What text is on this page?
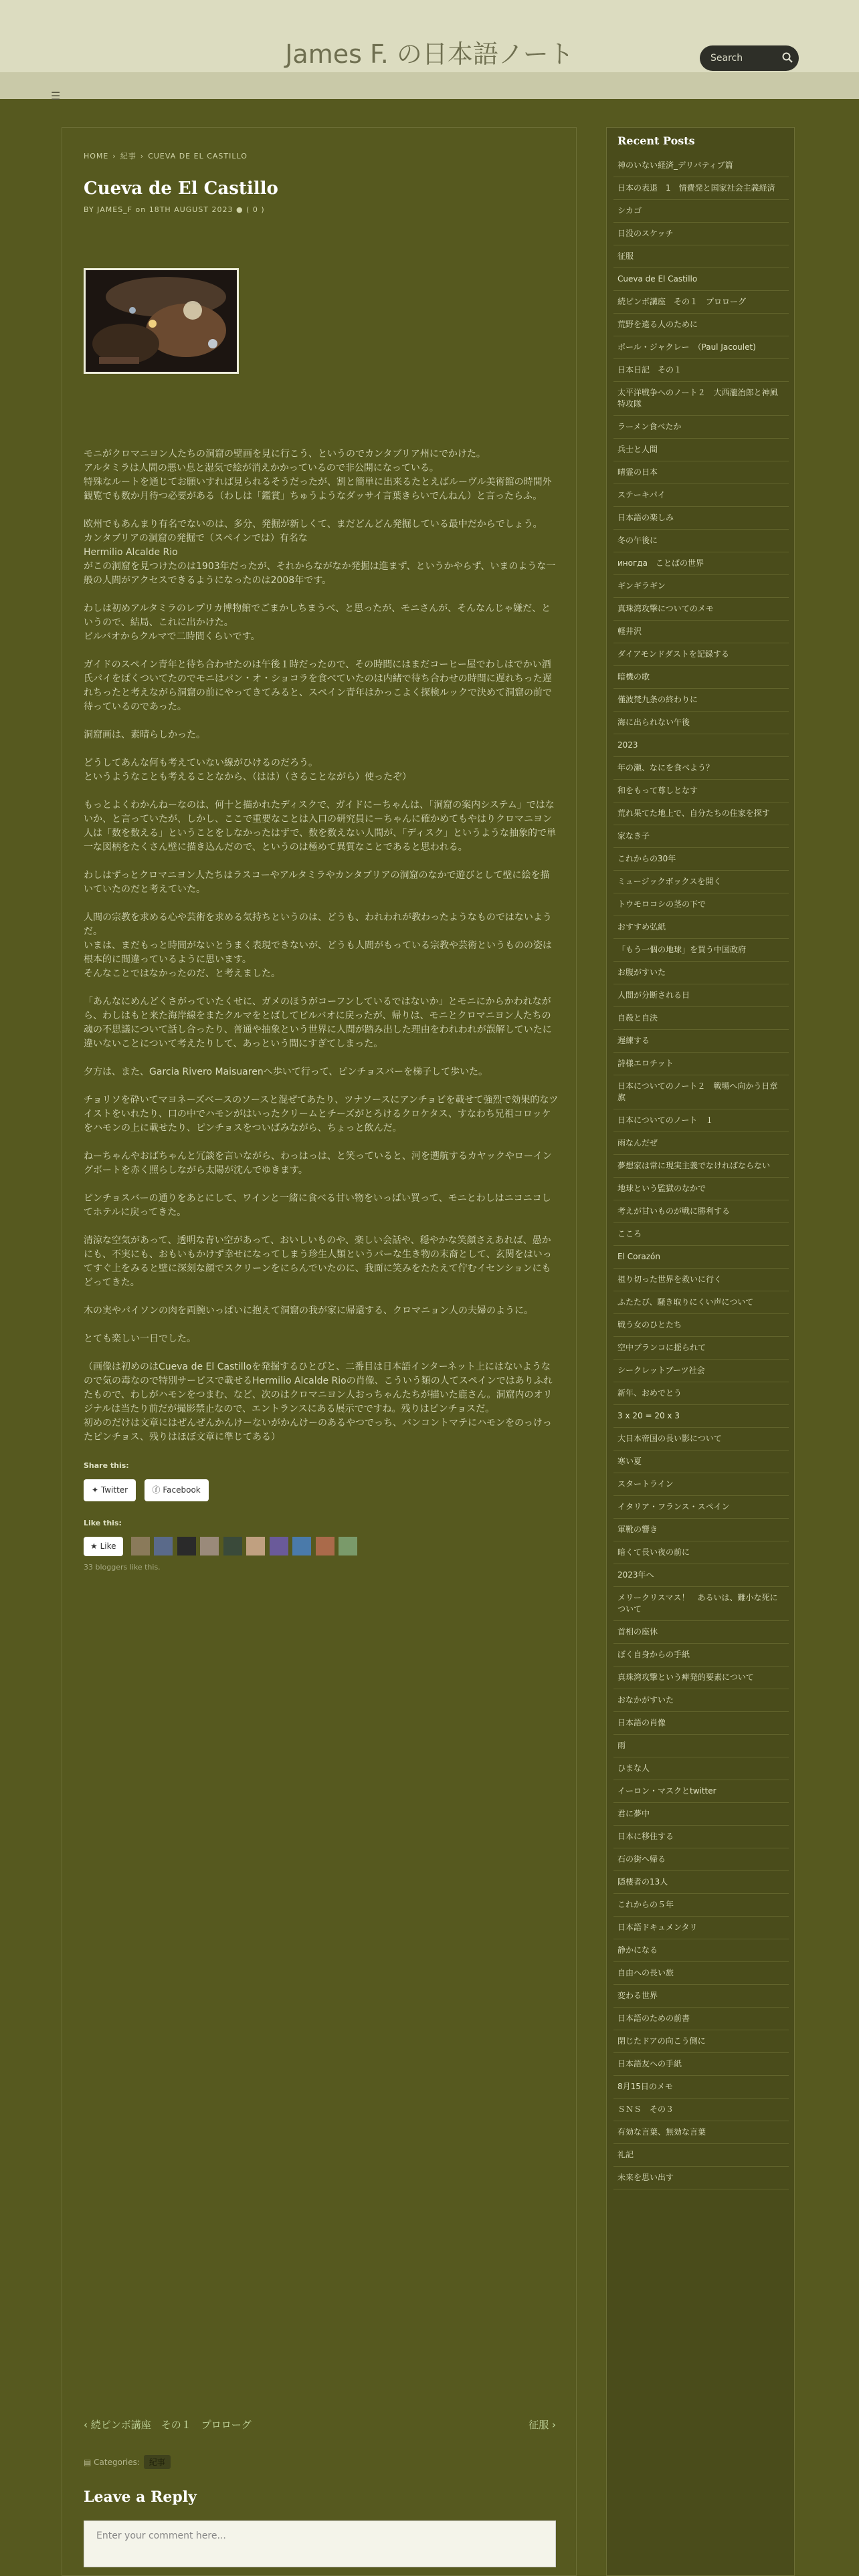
James F. の日本語ノート
Search
☰
HOME › 紀事 › CUEVA DE EL CASTILLO
Cueva de El Castillo
BY JAMES_F on 18TH AUGUST 2023 ● ( 0 )

モニがクロマニヨン人たちの洞窟の壁画を見に行こう、というのでカンタブリア州にでかけた。
アルタミラは人間の悪い息と湿気で絵が消えかかっているので非公開になっている。
特殊なルートを通じてお願いすれば見られるそうだったが、割と簡単に出来るたとえばルーヴル美術館の時間外観覧でも数か月待つ必要がある（わしは「鑑賞」ちゅうようなダッサイ言葉きらいでんねん）と言ったらふ。

欧州でもあんまり有名でないのは、多分、発掘が新しくて、まだどんどん発掘している最中だからでしょう。
カンタブリアの洞窟の発掘で（スペインでは）有名な
Hermilio Alcalde Rio
がこの洞窟を見つけたのは1903年だったが、それからながなか発掘は進まず、というかやらず、いまのような一般の人間がアクセスできるようになったのは2008年です。

わしは初めアルタミラのレプリカ博物館でごまかしちまうべ、と思ったが、モニさんが、そんなんじゃ嫌だ、というので、結局、これに出かけた。
ビルバオからクルマで二時間くらいです。

ガイドのスペイン青年と待ち合わせたのは午後１時だったので、その時間にはまだコーヒー屋でわしはでかい酒氏パイをぱくついてたのでモニはパン・オ・ショコラを食べていたのは内緒で待ち合わせの時間に遅れちった遅れちったと考えながら洞窟の前にやってきてみると、スペイン青年はかっこよく探検ルックで決めて洞窟の前で待っているのであった。

洞窟画は、素晴らしかった。

どうしてあんな何も考えていない線がひけるのだろう。
というようなことも考えることなから、（はは）（さることながら）使ったぞ）

もっとよくわかんねーなのは、何十と描かれたディスクで、ガイドにーちゃんは、「洞窟の案内システム」ではないか、と言っていたが、しかし、ここで重要なことは入口の研究員にーちゃんに確かめてもやはりクロマニヨン人は「数を数える」ということをしなかったはずで、数を数えない人間が、「ディスク」というような抽象的で単一な図柄をたくさん壁に描き込んだので、というのは極めて異質なことであると思われる。

わしはずっとクロマニヨン人たちはラスコーやアルタミラやカンタブリアの洞窟のなかで遊びとして壁に絵を描いていたのだと考えていた。

人間の宗教を求める心や芸術を求める気持ちというのは、どうも、われわれが教わったようなものではないようだ。
いまは、まだもっと時間がないとうまく表現できないが、どうも人間がもっている宗教や芸術というものの姿は根本的に間違っているように思います。
そんなことではなかったのだ、と考えました。

「あんなにめんどくさがっていたくせに、ガメのほうがコーフンしているではないか」とモニにからかわれながら、わしはもと来た海岸線をまたクルマをとばしてビルバオに戻ったが、帰りは、モニとクロマニヨン人たちの魂の不思議について話し合ったり、普通や抽象という世界に人間が踏み出した理由をわれわれが誤解していたに違いないことについて考えたりして、あっという間にすぎてしまった。

夕方は、また、Garcia Rivero Maisuarenへ歩いて行って、ピンチョスバーを梯子して歩いた。

チョリソを砕いてマヨネーズベースのソースと混ぜてあたり、ツナソースにアンチョビを載せて強烈で効果的なツイストをいれたり、口の中でハモンがはいったクリームとチーズがとろけるクロケタス、すなわち兄祖コロッケをハモンの上に載せたり、ピンチョスをついばみながら、ちょっと飲んだ。

ねーちゃんやおばちゃんと冗談を言いながら、わっはっは、と笑っていると、河を遡航するカヤックやローイングボートを赤く照らしながら太陽が沈んでゆきます。

ピンチョスバーの通りをあとにして、ワインと一緒に食べる甘い物をいっぱい買って、モニとわしはニコニコしてホテルに戻ってきた。

清涼な空気があって、透明な青い空があって、おいしいものや、楽しい会話や、穏やかな笑顔さえあれば、愚かにも、不実にも、おもいもかけず幸せになってしまう珍生人類というバーな生き物の末裔として、玄関をはいってすぐ上をみると壁に深刻な顔でスクリーンをにらんでいたのに、我面に笑みをたたえて佇むイセンションにもどってきた。

木の実やパイソンの肉を両腕いっぱいに抱えて洞窟の我が家に帰還する、クロマニョン人の夫婦のように。

とても楽しい一日でした。

（画像は初めのはCueva de El Castilloを発掘するひとびと、二番目は日本語インターネット上にはないようなので気の毒なので特別サービスで載せるHermilio Alcalde Rioの肖像、こういう類の人てスペインではありふれたもので、わしがハモンをつまむ、など、次のはクロマニヨン人おっちゃんたちが描いた鹿さん。洞窟内のオリジナルは当たり前だが撮影禁止なので、エントランスにある展示でですね。残りはピンチョスだ。
初めのだけは文章にはぜんぜんかんけーないがかんけーのあるやつでっち、バンコントマテにハモンをのっけったピンチョス、残りはほぼ文章に準じてある）

Share this:
✦ Twitter	ⓕ Facebook
Like this:
★ Like
33 bloggers like this.
‹ 続ピンボ講座　その１　プロローグ	征服 ›
▤ Categories: 紀事
Leave a Reply
Enter your comment here...
Recent Posts
神のいない経済_デリバティブ篇
日本の表退　1　情費発と国家社会主義経済
シカゴ
日没のスケッチ
征服
Cueva de El Castillo
続ピンボ講座　その１　プロローグ
荒野を遠る人のために
ポール・ジャクレー　（Paul Jacoulet)
日本日記　その１
太平洋戦争へのノート２　大西瀧治郎と神風特攻隊
ラーメン食べたか
兵士と人間
晴霊の日本
ステーキパイ
日本語の楽しみ
冬の午後に
иногда　ことばの世界
ギンギラギン
真珠湾攻撃についてのメモ
軽井沢
ダイアモンドダストを記録する
暗機の歌
僅波梵九条の終わりに
海に出られない午後
2023
年の瀬、なにを食べよう？
和をもって尊しとなす
荒れ果てた地上で、自分たちの住家を探す
家なき子
これからの30年
ミュージックボックスを開く
トウモロコシの茎の下で
おすすめ弘紙
「もう一個の地球」を買う中国政府
お腹がすいた
人間が分断される日
自殺と自決
遅練する
詩様エロチット
日本についてのノート２　戦場へ向かう日章旗
日本についてのノート　１
雨なんだぜ
夢想家は常に現実主義でなければならない
地球という監獄のなかで
考えが甘いものが戦に勝利する
こころ
El Corazón
祖り切った世界を救いに行く
ふたたび、騒き取りにくい声について
戦う女のひとたち
空中ブランコに揺られて
シークレットブーツ社会
新年、おめでとう
3 x 20 = 20 x 3
大日本帝国の長い影について
寒い夏
スタートライン
イタリア・フランス・スペイン
軍靴の響き
暗くて長い夜の前に
2023年へ
メリークリスマス！　あるいは、難小な死について
首相の座休
ぼく自身からの手紙
真珠湾攻撃という痺発的要素について
おなかがすいた
日本語の肖像
雨
ひまな人
イーロン・マスクとtwitter
君に夢中
日本に移住する
石の街へ帰る
隠棲者の13人
これからの５年
日本語ドキュメンタリ
静かになる
自由への長い旅
変わる世界
日本語のための前書
閉じたドアの向こう側に
日本語友への手紙
8月15日のメモ
ＳＮＳ　その３
有効な言葉、無効な言葉
礼記
未来を思い出す
